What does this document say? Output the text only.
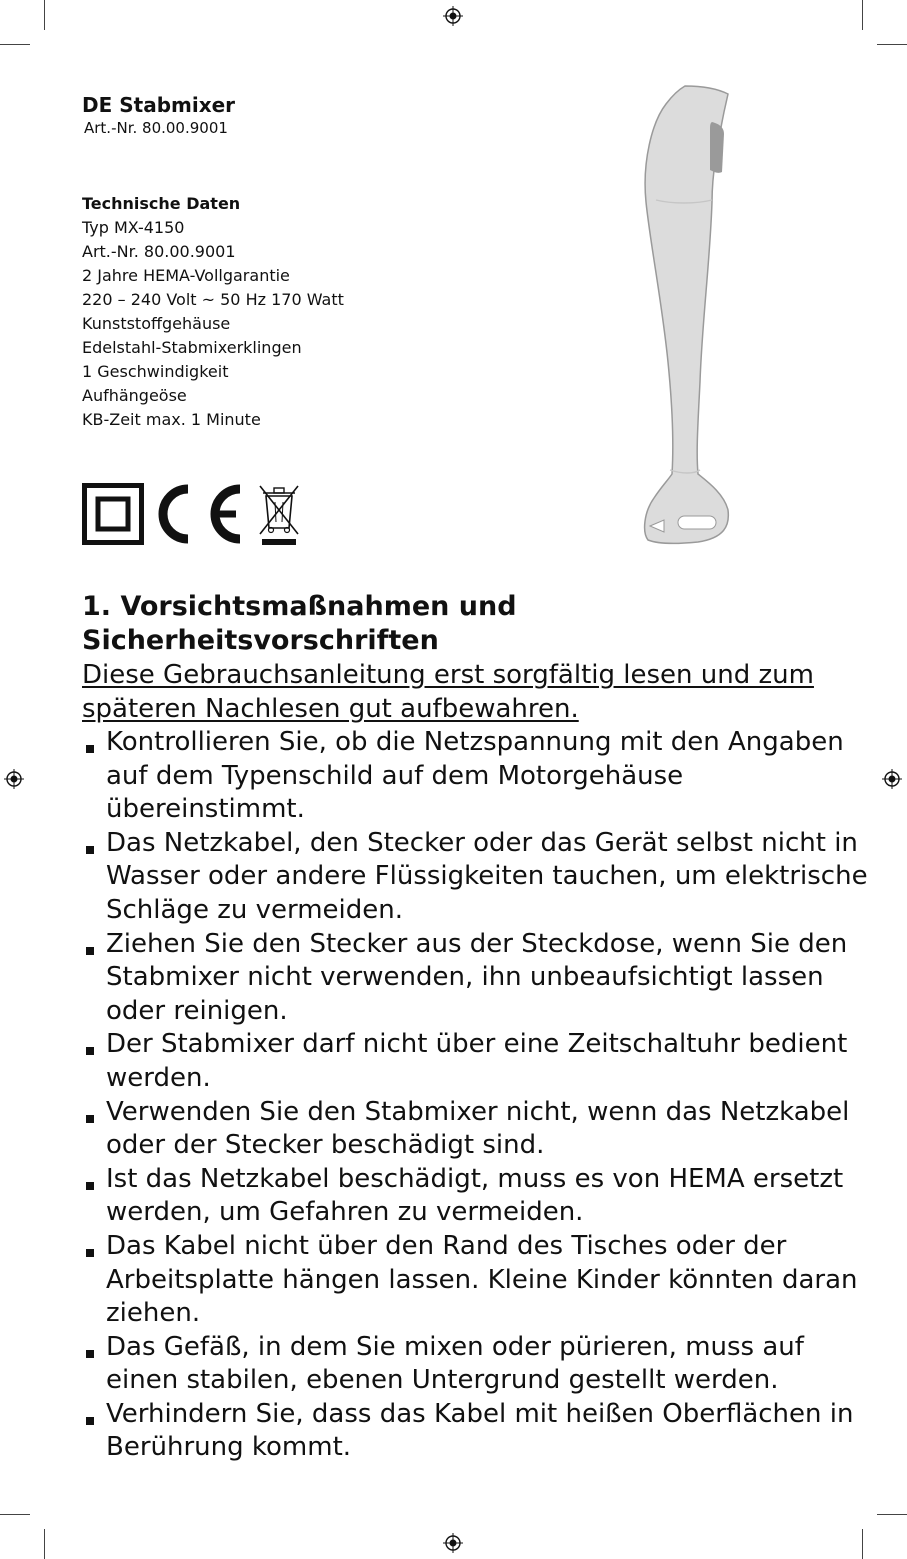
DE Stabmixer

Art.-Nr. 80.00.9001

Technische Daten

Typ MX-4150
Art.-Nr. 80.00.9001
2 Jahre HEMA-Vollgarantie
220 – 240 Volt ~ 50 Hz 170 Watt
Kunststoffgehäuse
Edelstahl-Stabmixerklingen
1 Geschwindigkeit
Aufhängeöse
KB-Zeit max. 1 Minute

1. Vorsichtsmaßnahmen und

Sicherheitsvorschriften

Diese Gebrauchsanleitung erst sorgfältig lesen und zum späteren Nachlesen gut aufbewahren.

Kontrollieren Sie, ob die Netzspannung mit den Angaben auf dem Typenschild auf dem Motorgehäuse übereinstimmt.
Das Netzkabel, den Stecker oder das Gerät selbst nicht in Wasser oder andere Flüssigkeiten tauchen, um elektrische Schläge zu vermeiden.
Ziehen Sie den Stecker aus der Steckdose, wenn Sie den Stabmixer nicht verwenden, ihn unbeaufsichtigt lassen oder reinigen.
Der Stabmixer darf nicht über eine Zeitschaltuhr bedient werden.
Verwenden Sie den Stabmixer nicht, wenn das Netzkabel oder der Stecker beschädigt sind.
Ist das Netzkabel beschädigt, muss es von HEMA ersetzt werden, um Gefahren zu vermeiden.
Das Kabel nicht über den Rand des Tisches oder der Arbeitsplatte hängen lassen. Kleine Kinder könnten daran ziehen.
Das Gefäß, in dem Sie mixen oder pürieren, muss auf einen stabilen, ebenen Untergrund gestellt werden.
Verhindern Sie, dass das Kabel mit heißen Oberflächen in Berührung kommt.
